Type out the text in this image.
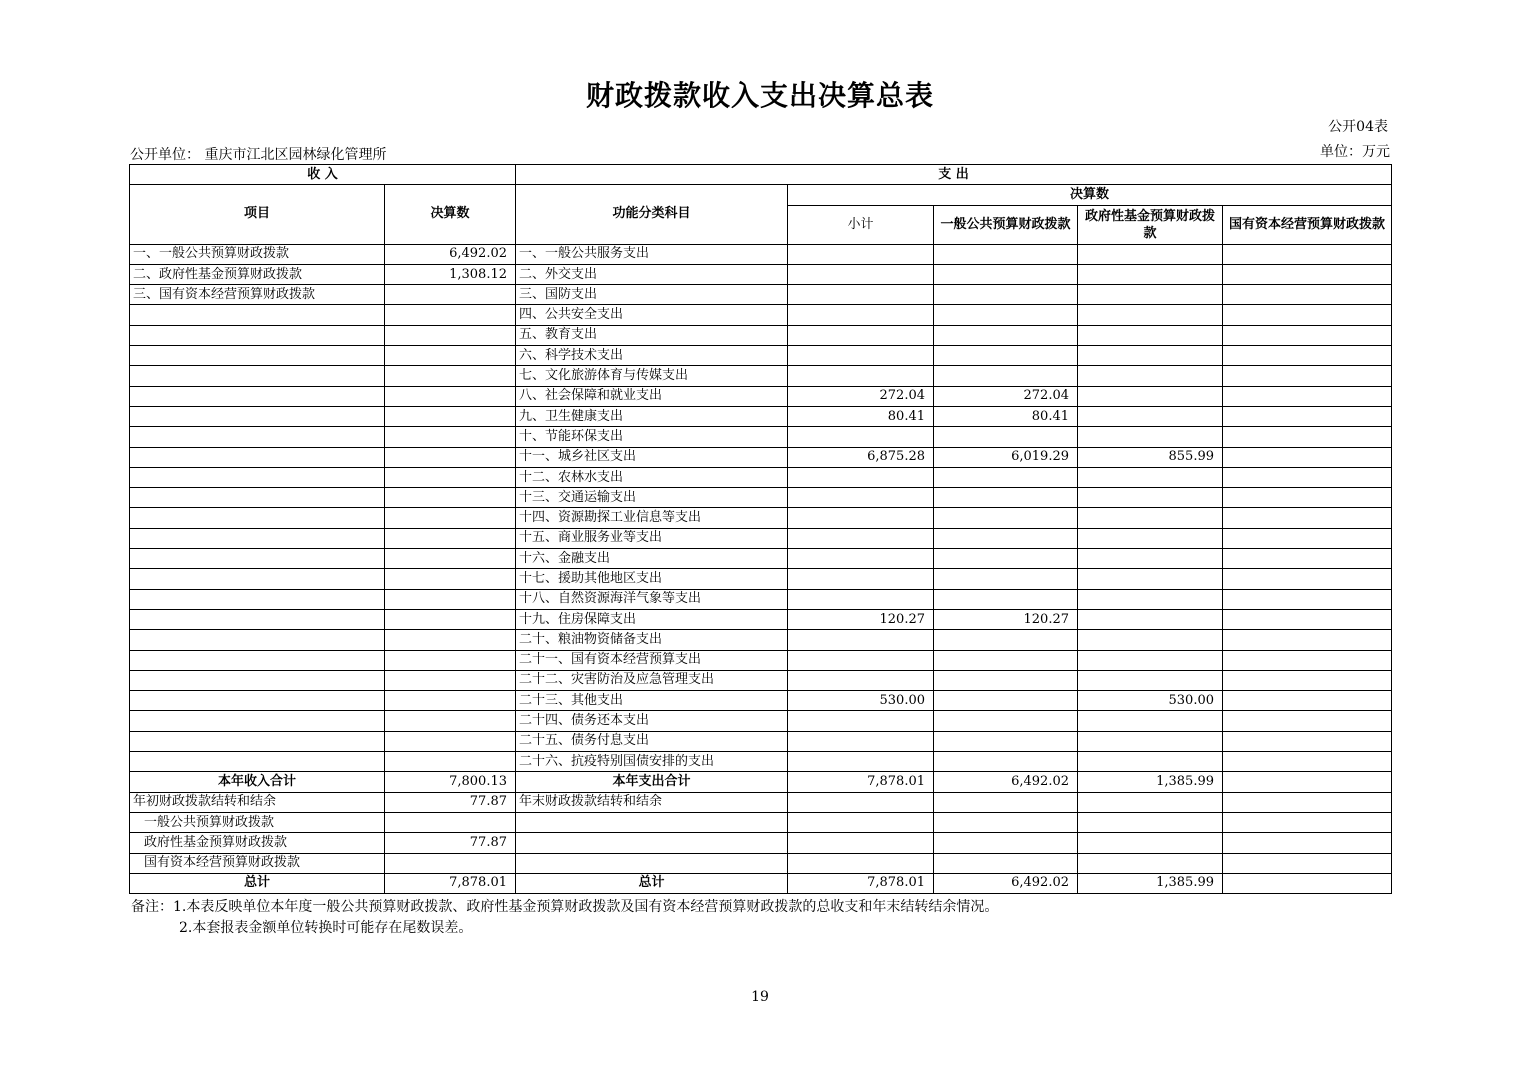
财政拨款收入支出决算总表
公开04表
公开单位： 重庆市江北区园林绿化管理所	单位：万元
收 入		支 出				
项目	决算数	功能分类科目	决算数			
			小计	一般公共预算财政拨款	政府性基金预算财政拨款	国有资本经营预算财政拨款
一、一般公共预算财政拨款	6,492.02	一、一般公共服务支出				
二、政府性基金预算财政拨款	1,308.12	二、外交支出				
三、国有资本经营预算财政拨款		三、国防支出				
		四、公共安全支出				
		五、教育支出				
		六、科学技术支出				
		七、文化旅游体育与传媒支出				
		八、社会保障和就业支出	272.04	272.04		
		九、卫生健康支出	80.41	80.41		
		十、节能环保支出				
		十一、城乡社区支出	6,875.28	6,019.29	855.99	
		十二、农林水支出				
		十三、交通运输支出				
		十四、资源勘探工业信息等支出				
		十五、商业服务业等支出				
		十六、金融支出				
		十七、援助其他地区支出				
		十八、自然资源海洋气象等支出				
		十九、住房保障支出	120.27	120.27		
		二十、粮油物资储备支出				
		二十一、国有资本经营预算支出				
		二十二、灾害防治及应急管理支出				
		二十三、其他支出	530.00		530.00	
		二十四、债务还本支出				
		二十五、债务付息支出				
		二十六、抗疫特别国债安排的支出				
本年收入合计	7,800.13	本年支出合计	7,878.01	6,492.02	1,385.99	
年初财政拨款结转和结余	77.87	年末财政拨款结转和结余				
一般公共预算财政拨款						
政府性基金预算财政拨款	77.87					
国有资本经营预算财政拨款						
总计	7,878.01	总计	7,878.01	6,492.02	1,385.99	
备注：1.本表反映单位本年度一般公共预算财政拨款、政府性基金预算财政拨款及国有资本经营预算财政拨款的总收支和年末结转结余情况。
2.本套报表金额单位转换时可能存在尾数误差。
19
